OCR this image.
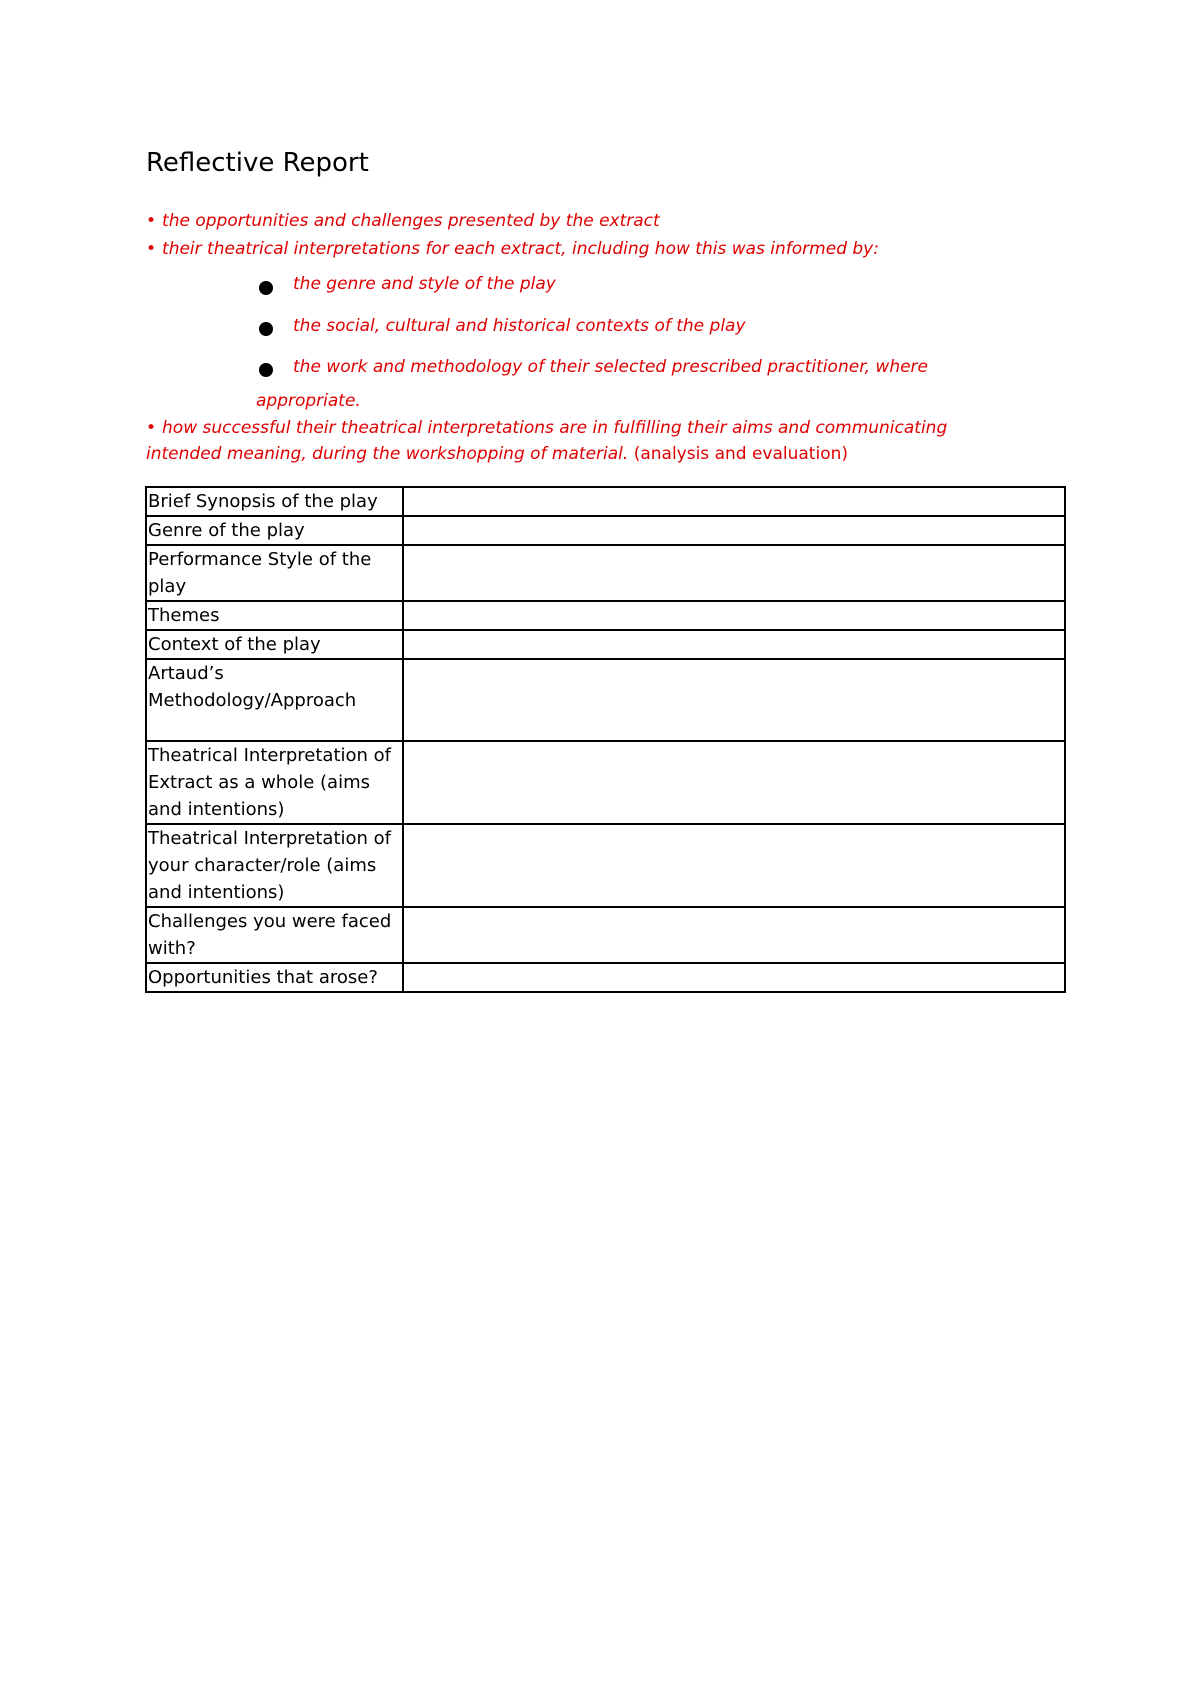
Reflective Report
• the opportunities and challenges presented by the extract
• their theatrical interpretations for each extract, including how this was informed by:
the genre and style of the play
the social, cultural and historical contexts of the play
the work and methodology of their selected prescribed practitioner, where
appropriate.
• how successful their theatrical interpretations are in fulfilling their aims and communicating
intended meaning, during the workshopping of material. (analysis and evaluation)
Brief Synopsis of the play	
Genre of the play	
Performance Style of the play	
Themes	
Context of the play	
Artaud’s Methodology/Approach	
Theatrical Interpretation of Extract as a whole (aims and intentions)	
Theatrical Interpretation of your character/role (aims and intentions)	
Challenges you were faced with?	
Opportunities that arose?	
